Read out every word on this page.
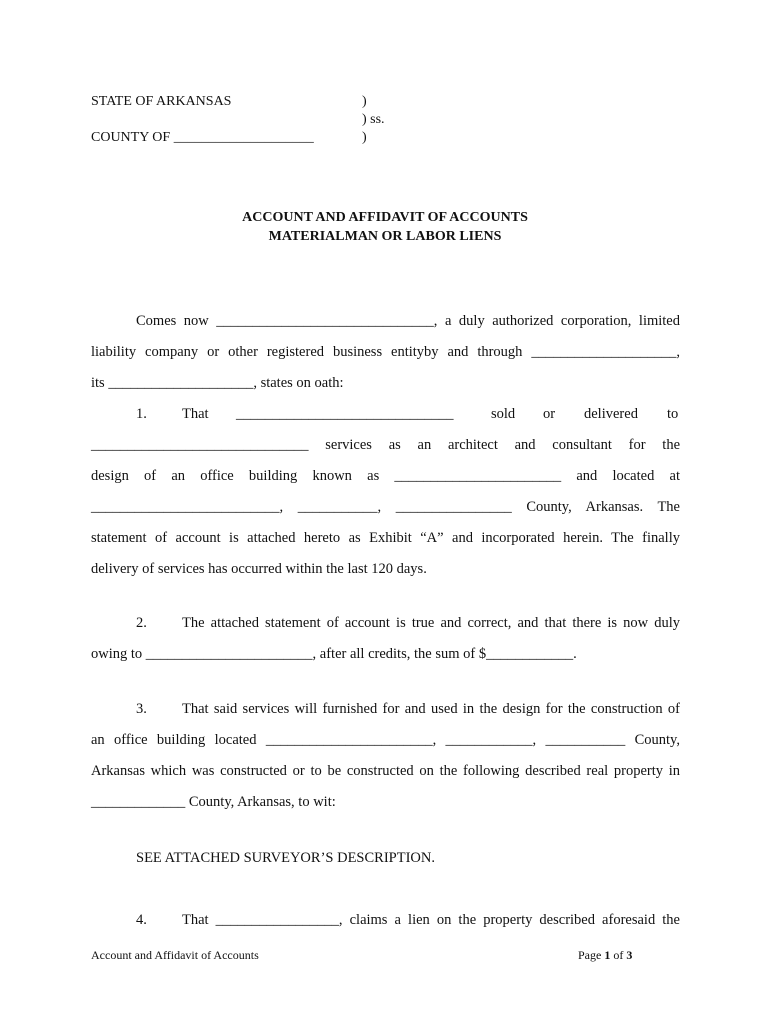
STATE OF ARKANSAS
COUNTY OF ____________________
)
) ss.
)
ACCOUNT AND AFFIDAVIT OF ACCOUNTS
MATERIALMAN OR LABOR LIENS
Comes now ______________________________, a duly authorized corporation, limited
liability company or other registered business entityby and through ____________________,
its ____________________, states on oath:
1. That ______________________________	sold or delivered to
______________________________ services as an architect and consultant for the
design of an office building known as _______________________ and located at
__________________________, ___________, ________________ County, Arkansas. The
statement of account is attached hereto as Exhibit “A” and incorporated herein. The finally
delivery of services has occurred within the last 120 days.
2. The attached statement of account is true and correct, and that there is now duly
owing to _______________________, after all credits, the sum of $____________.
3. That said services will furnished for and used in the design for the construction of
an office building located _______________________, ____________, ___________ County,
Arkansas which was constructed or to be constructed on the following described real property in
_____________ County, Arkansas, to wit:
SEE ATTACHED SURVEYOR’S DESCRIPTION.
4. That _________________, claims a lien on the property described aforesaid the
Account and Affidavit of Accounts	Page 1 of 3
